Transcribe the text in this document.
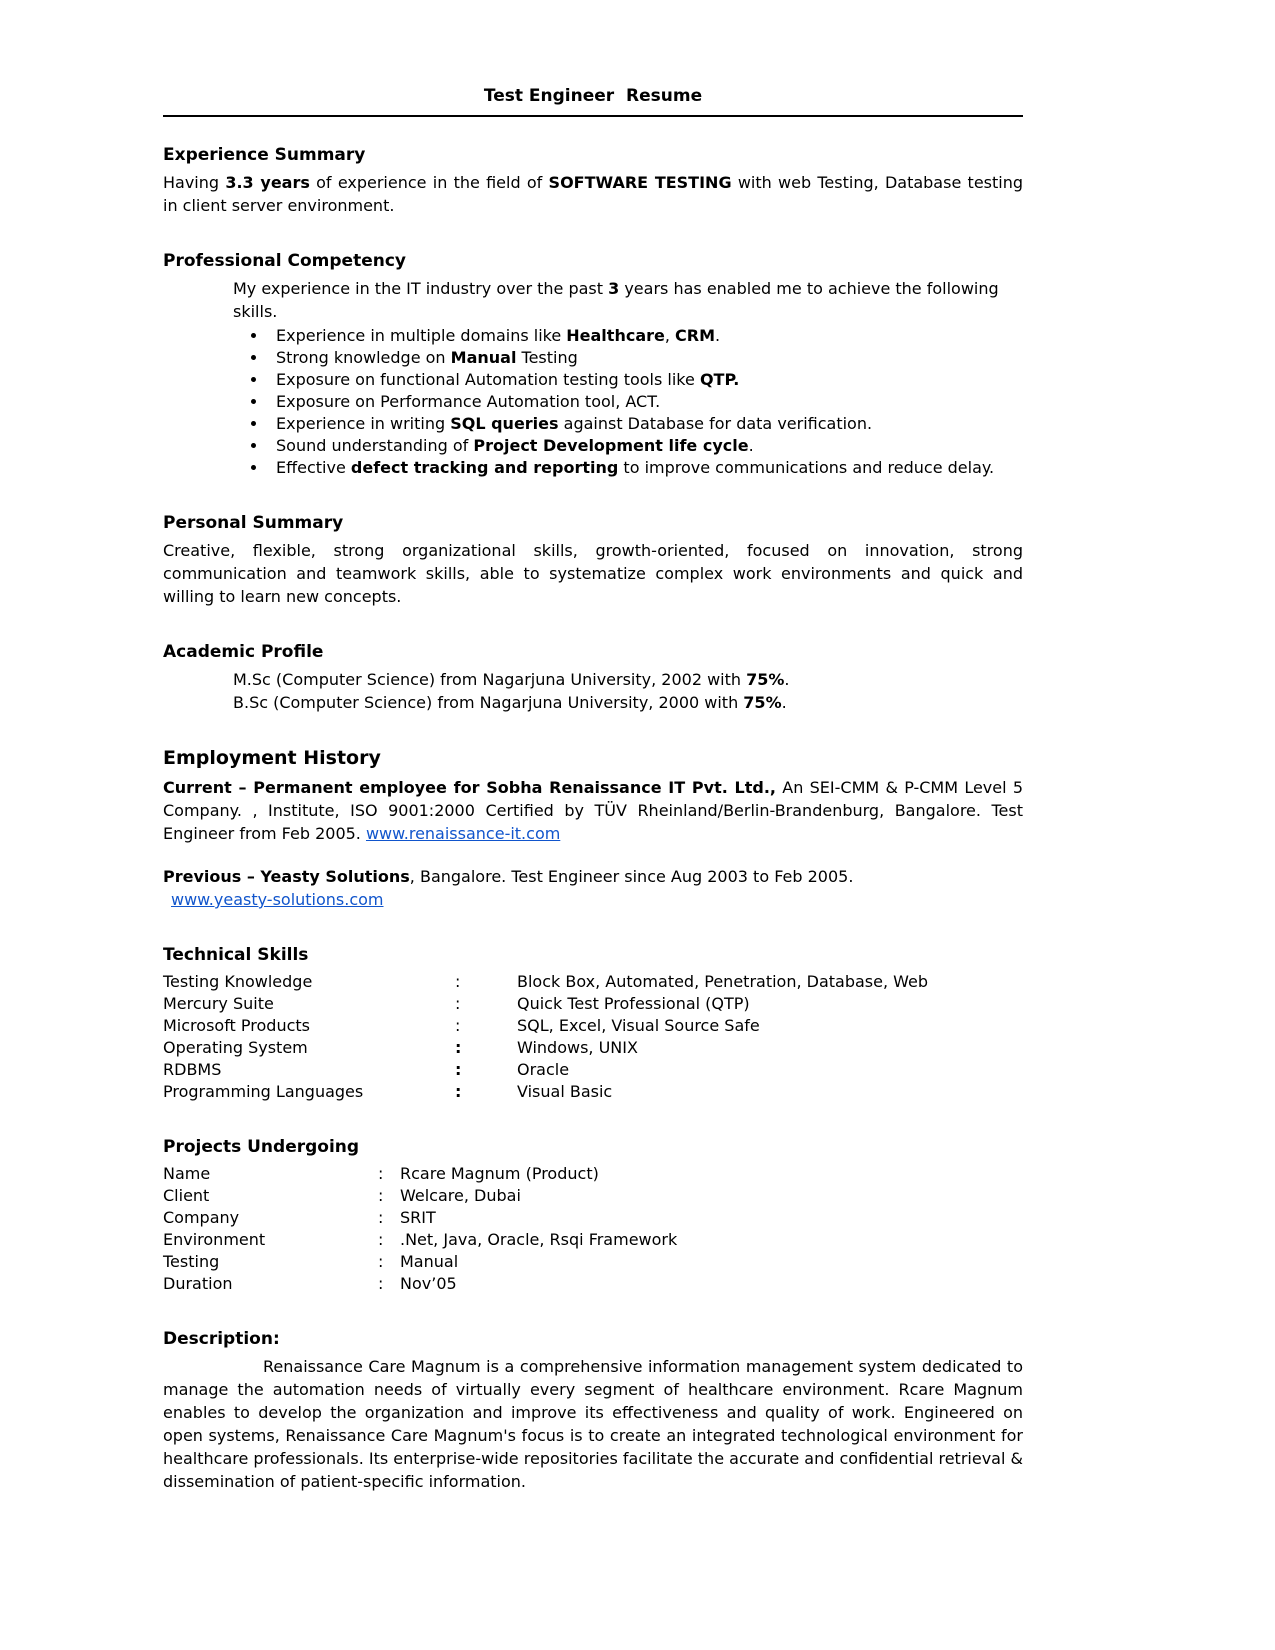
Test Engineer  Resume
Experience Summary

Having 3.3 years of experience in the field of SOFTWARE TESTING with web Testing, Database testing in client server environment.

Professional Competency

My experience in the IT industry over the past 3 years has enabled me to achieve the following skills.

• Experience in multiple domains like Healthcare, CRM.
• Strong knowledge on Manual Testing
• Exposure on functional Automation testing tools like QTP.
• Exposure on Performance Automation tool, ACT.
• Experience in writing SQL queries against Database for data verification.
• Sound understanding of Project Development life cycle.
• Effective defect tracking and reporting to improve communications and reduce delay.
Personal Summary

Creative, flexible, strong organizational skills, growth-oriented, focused on innovation, strong communication and teamwork skills, able to systematize complex work environments and quick and willing to learn new concepts.

Academic Profile
M.Sc (Computer Science) from Nagarjuna University, 2002 with 75%.
B.Sc (Computer Science) from Nagarjuna University, 2000 with 75%.
Employment History

Current – Permanent employee for Sobha Renaissance IT Pvt. Ltd., An SEI-CMM & P-CMM Level 5 Company. , Institute, ISO 9001:2000 Certified by TÜV Rheinland/Berlin-Brandenburg, Bangalore. Test Engineer from Feb 2005. www.renaissance-it.com

Previous – Yeasty Solutions, Bangalore. Test Engineer since Aug 2003 to Feb 2005.

www.yeasty-solutions.com
Technical Skills
Testing Knowledge	:	Block Box, Automated, Penetration, Database, Web
Mercury Suite	:	Quick Test Professional (QTP)
Microsoft Products	:	SQL, Excel, Visual Source Safe
Operating System	:	Windows, UNIX
RDBMS	:	Oracle
Programming Languages	:	Visual Basic
Projects Undergoing
Name	:	Rcare Magnum (Product)
Client	:	Welcare, Dubai
Company	:	SRIT
Environment	:	.Net, Java, Oracle, Rsqi Framework
Testing	:	Manual
Duration	:	Nov’05
Description:

Renaissance Care Magnum is a comprehensive information management system dedicated to manage the automation needs of virtually every segment of healthcare environment. Rcare Magnum enables to develop the organization and improve its effectiveness and quality of work. Engineered on open systems, Renaissance Care Magnum's focus is to create an integrated technological environment for healthcare professionals. Its enterprise-wide repositories facilitate the accurate and confidential retrieval & dissemination of patient-specific information.
